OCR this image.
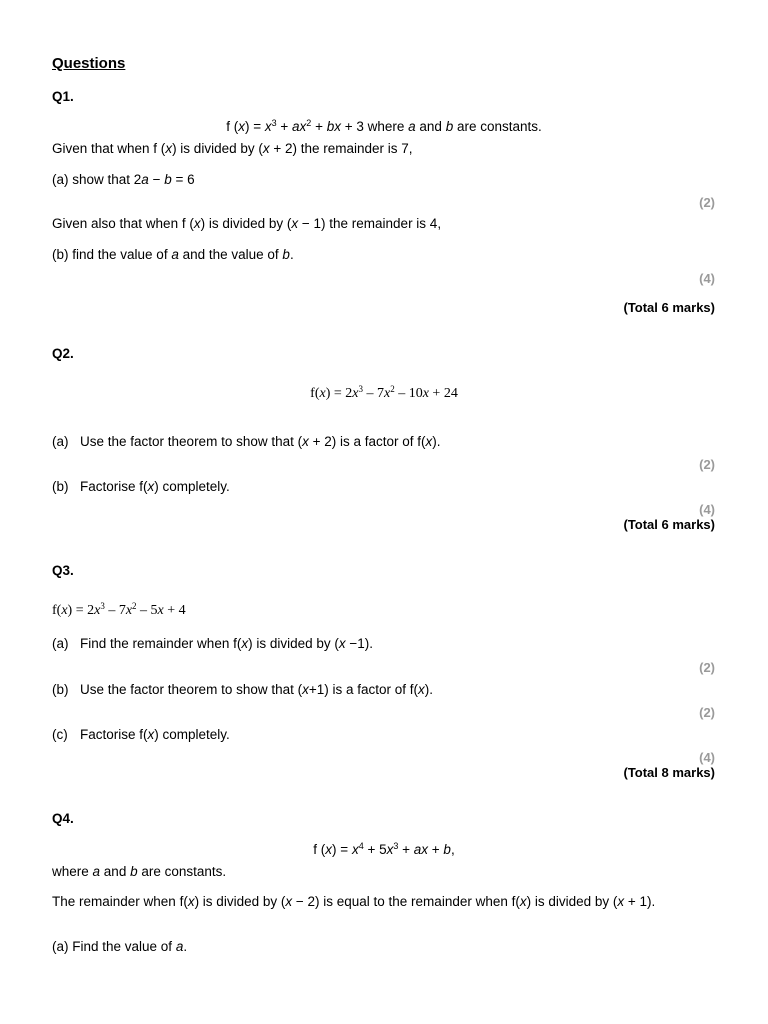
Questions
Q1.
f $(x) = x^3 + ax^2$ + bx + 3 where a and b are constants.
Given that when f (x) is divided by (x + 2) the remainder is 7,
(a) show that 2a − b = 6
(2)
Given also that when f (x) is divided by (x − 1) the remainder is 4,
(b) find the value of a and the value of b.
(4)
(Total 6 marks)
Q2.
$f(x) = 2x^3 - 7x^2 - 10x + 24$
(a) Use the factor theorem to show that (x + 2) is a factor of f(x).
(2)
(b) Factorise f(x) completely.
(4)
(Total 6 marks)
Q3.
$f(x) = 2x^3 - 7x^2 - 5x + 4$
(a) Find the remainder when f(x) is divided by (x −1).
(2)
(b) Use the factor theorem to show that (x+1) is a factor of f(x).
(2)
(c) Factorise f(x) completely.
(4)
(Total 8 marks)
Q4.
f $(x) = x^4 + 5x^3$ + ax + b,
where a and b are constants.
The remainder when f(x) is divided by (x − 2) is equal to the remainder when f(x) is divided by (x + 1).
(a) Find the value of a.
